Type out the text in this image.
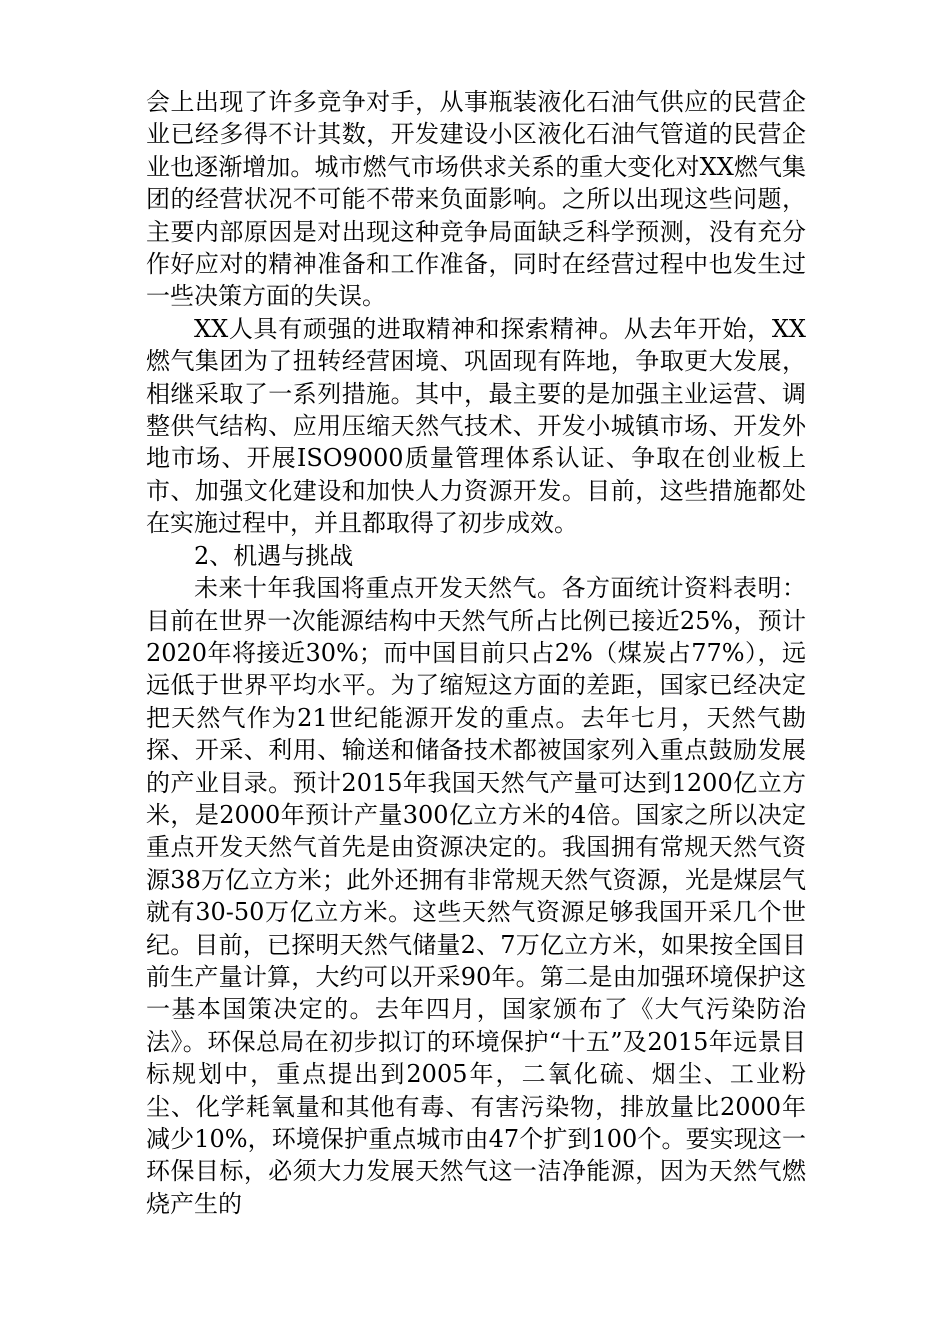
会上出现了许多竞争对手，从事瓶装液化石油气供应的民营企业已经多得不计其数，开发建设小区液化石油气管道的民营企业也逐渐增加。城市燃气市场供求关系的重大变化对XX燃气集团的经营状况不可能不带来负面影响。之所以出现这些问题，主要内部原因是对出现这种竞争局面缺乏科学预测，没有充分作好应对的精神准备和工作准备，同时在经营过程中也发生过一些决策方面的失误。

XX人具有顽强的进取精神和探索精神。从去年开始，XX燃气集团为了扭转经营困境、巩固现有阵地，争取更大发展，相继采取了一系列措施。其中，最主要的是加强主业运营、调整供气结构、应用压缩天然气技术、开发小城镇市场、开发外地市场、开展ISO9000质量管理体系认证、争取在创业板上市、加强文化建设和加快人力资源开发。目前，这些措施都处在实施过程中，并且都取得了初步成效。

2、机遇与挑战

未来十年我国将重点开发天然气。各方面统计资料表明：目前在世界一次能源结构中天然气所占比例已接近25%，预计2020年将接近30%；而中国目前只占2%（煤炭占77%），远远低于世界平均水平。为了缩短这方面的差距，国家已经决定把天然气作为21世纪能源开发的重点。去年七月，天然气勘探、开采、利用、输送和储备技术都被国家列入重点鼓励发展的产业目录。预计2015年我国天然气产量可达到1200亿立方米，是2000年预计产量300亿立方米的4倍。国家之所以决定重点开发天然气首先是由资源决定的。我国拥有常规天然气资源38万亿立方米；此外还拥有非常规天然气资源，光是煤层气就有30-50万亿立方米。这些天然气资源足够我国开采几个世纪。目前，已探明天然气储量2、7万亿立方米，如果按全国目前生产量计算，大约可以开采90年。第二是由加强环境保护这一基本国策决定的。去年四月，国家颁布了《大气污染防治法》。环保总局在初步拟订的环境保护“十五”及2015年远景目标规划中，重点提出到2005年，二氧化硫、烟尘、工业粉尘、化学耗氧量和其他有毒、有害污染物，排放量比2000年减少10%，环境保护重点城市由47个扩到100个。要实现这一环保目标，必须大力发展天然气这一洁净能源，因为天然气燃烧产生的
